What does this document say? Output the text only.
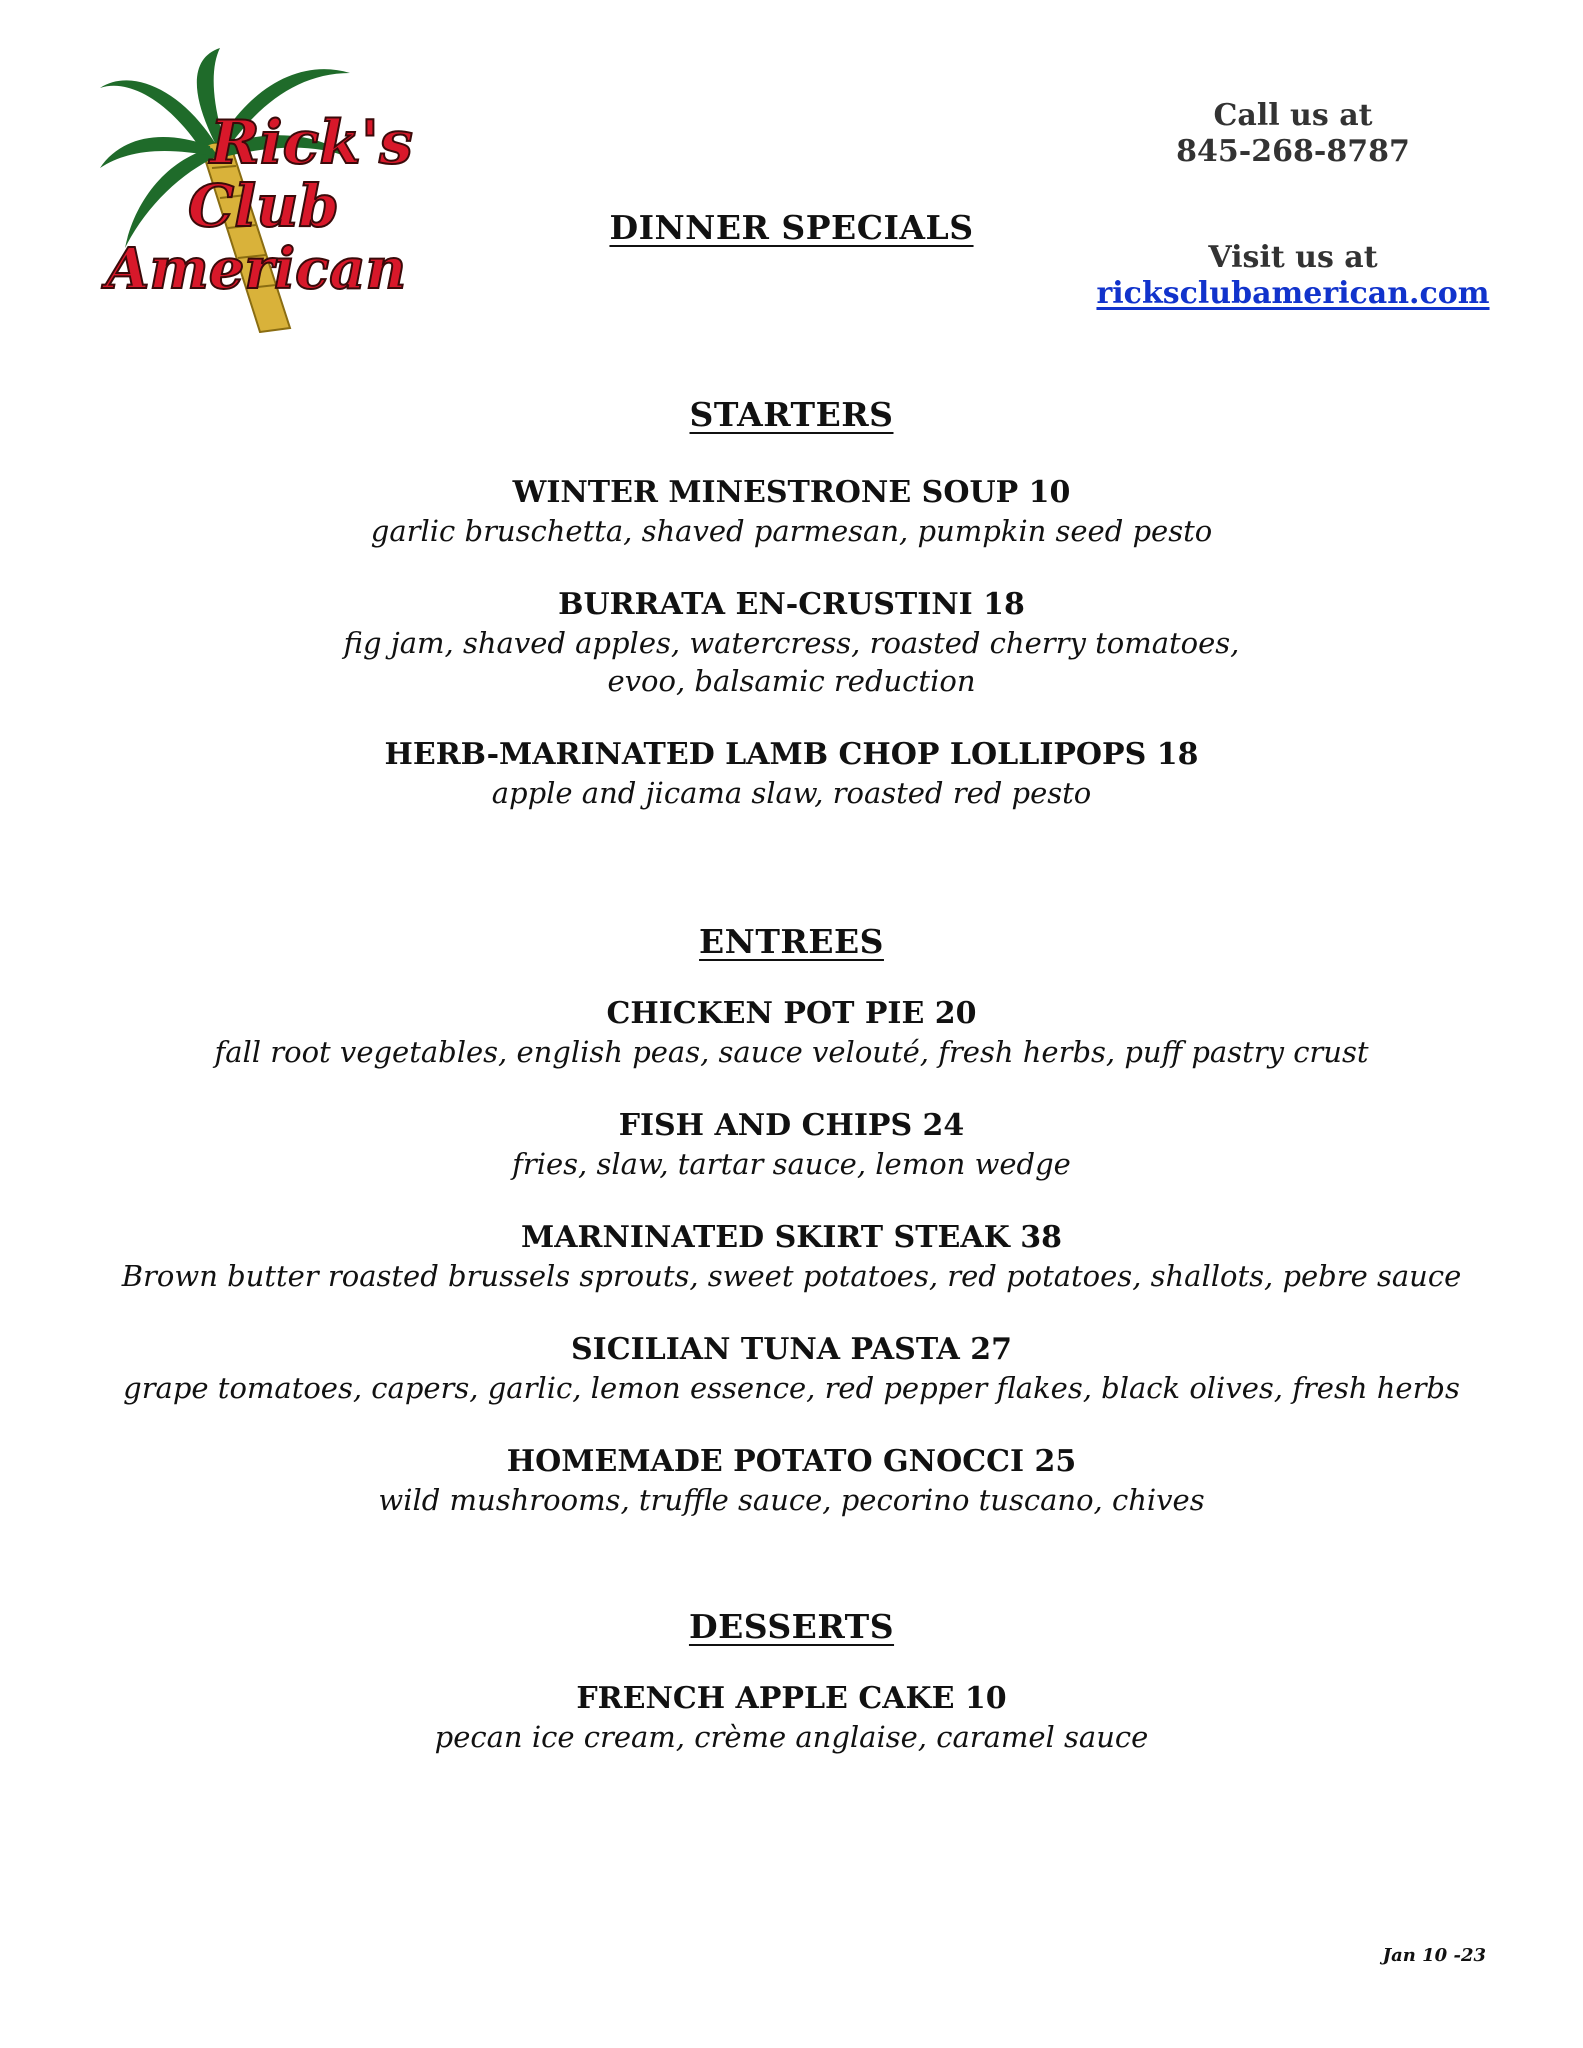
Rick's
Club
American
DINNER SPECIALS
Call us at
845-268-8787
Visit us at
ricksclubamerican.com
STARTERS
WINTER MINESTRONE SOUP 10
garlic bruschetta, shaved parmesan, pumpkin seed pesto
BURRATA EN-CRUSTINI 18
fig jam, shaved apples, watercress, roasted cherry tomatoes,
evoo, balsamic reduction
HERB-MARINATED LAMB CHOP LOLLIPOPS 18
apple and jicama slaw, roasted red pesto
ENTREES
CHICKEN POT PIE 20
fall root vegetables, english peas, sauce velouté, fresh herbs, puff pastry crust
FISH AND CHIPS 24
fries, slaw, tartar sauce, lemon wedge
MARNINATED SKIRT STEAK 38
Brown butter roasted brussels sprouts, sweet potatoes, red potatoes, shallots, pebre sauce
SICILIAN TUNA PASTA 27
grape tomatoes, capers, garlic, lemon essence, red pepper flakes, black olives, fresh herbs
HOMEMADE POTATO GNOCCI 25
wild mushrooms, truffle sauce, pecorino tuscano, chives
DESSERTS
FRENCH APPLE CAKE 10
pecan ice cream, crème anglaise, caramel sauce
Jan 10 -23
